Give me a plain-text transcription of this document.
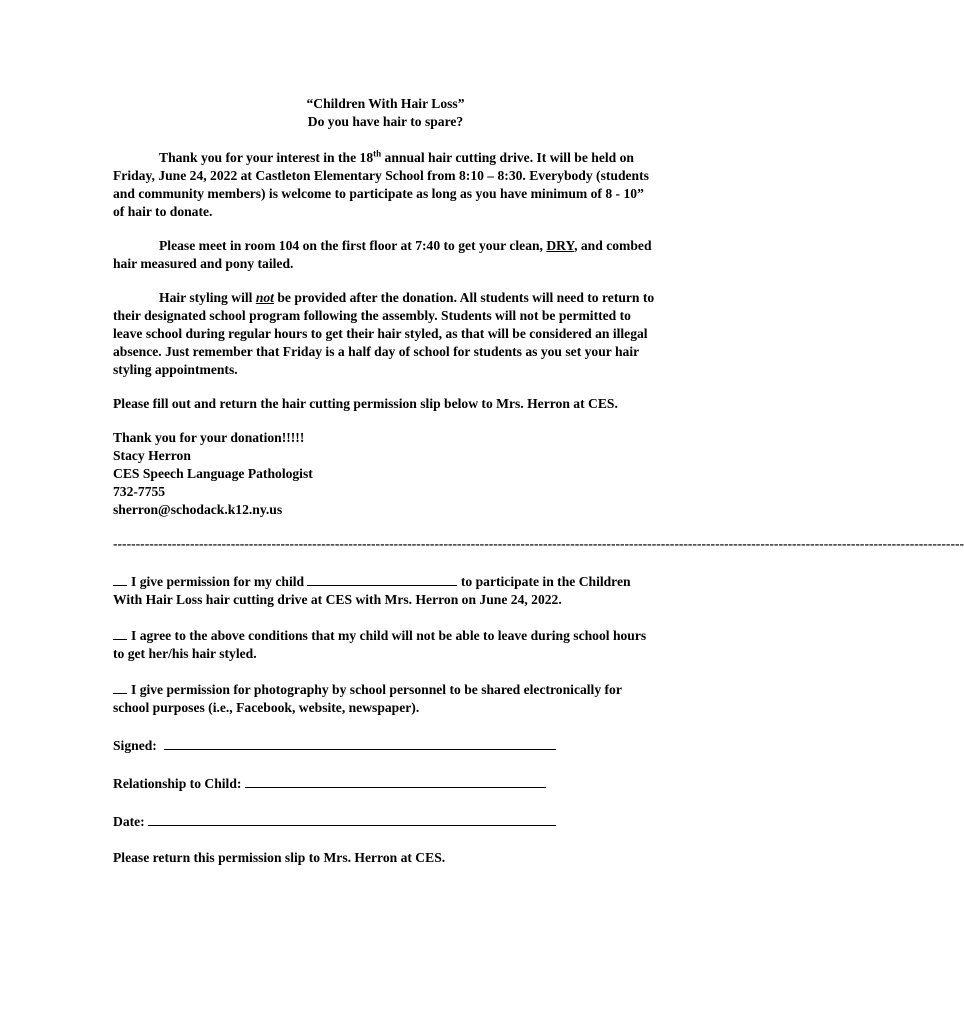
“Children With Hair Loss”

Do you have hair to spare?

Thank you for your interest in the 18th annual hair cutting drive. It will be held on Friday, June 24, 2022 at Castleton Elementary School from 8:10 – 8:30. Everybody (students and community members) is welcome to participate as long as you have minimum of 8 - 10” of hair to donate.

Please meet in room 104 on the first floor at 7:40 to get your clean, DRY, and combed hair measured and pony tailed.

Hair styling will not be provided after the donation. All students will need to return to their designated school program following the assembly. Students will not be permitted to leave school during regular hours to get their hair styled, as that will be considered an illegal absence. Just remember that Friday is a half day of school for students as you set your hair styling appointments.

Please fill out and return the hair cutting permission slip below to Mrs. Herron at CES.

Thank you for your donation!!!!!

Stacy Herron

CES Speech Language Pathologist

732-7755

sherron@schodack.k12.ny.us

--------------------------------------------------------------------------------------------------------------------------------------------------------------------------------------------

I give permission for my child	to participate in the Children With Hair Loss hair cutting drive at CES with Mrs. Herron on June 24, 2022.

I agree to the above conditions that my child will not be able to leave during school hours to get her/his hair styled.

I give permission for photography by school personnel to be shared electronically for school purposes (i.e., Facebook, website, newspaper).

Signed:
Relationship to Child:
Date:

Please return this permission slip to Mrs. Herron at CES.
